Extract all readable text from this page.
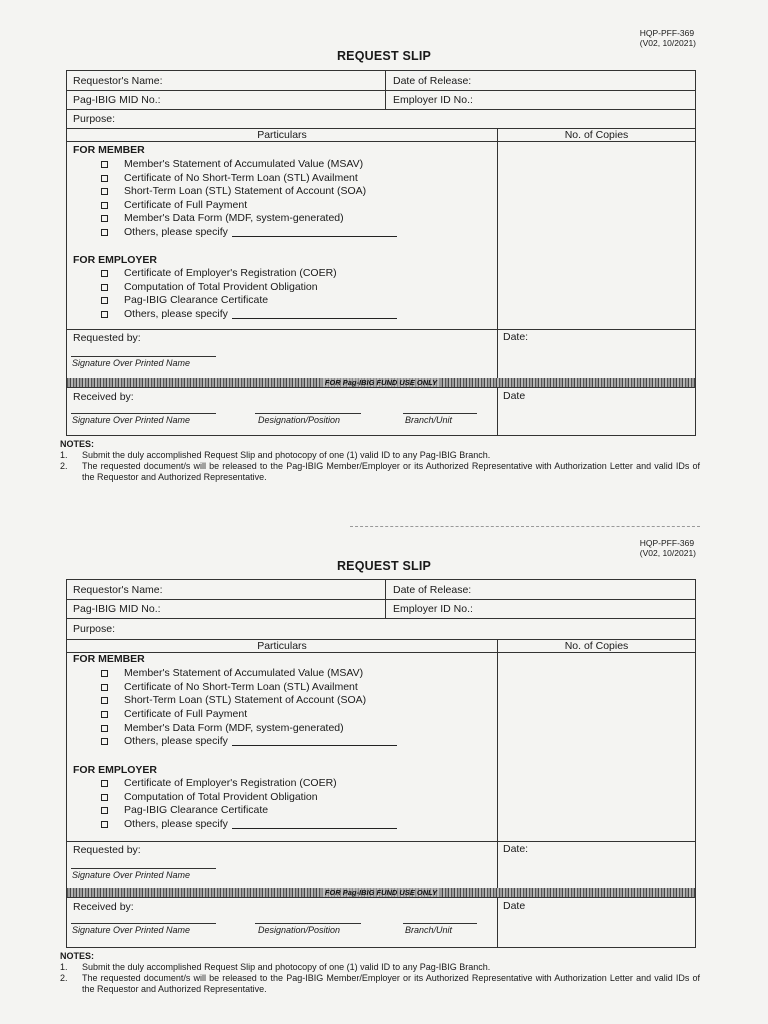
HQP-PFF-369
(V02, 10/2021)
REQUEST SLIP
Requestor's Name:	Date of Release:
Pag-IBIG MID No.:	Employer ID No.:
Purpose:
Particulars	No. of Copies
FOR MEMBER
Member's Statement of Accumulated Value (MSAV)
Certificate of No Short-Term Loan (STL) Availment
Short-Term Loan (STL) Statement of Account (SOA)
Certificate of Full Payment
Member's Data Form (MDF, system-generated)
Others, please specify
FOR EMPLOYER
Certificate of Employer's Registration (COER)
Computation of Total Provident Obligation
Pag-IBIG Clearance Certificate
Others, please specify
Requested by:
Signature Over Printed Name
Date:
FOR Pag-IBIG FUND USE ONLY
Received by:
Signature Over Printed Name	Designation/Position	Branch/Unit
Date
NOTES:
1.	Submit the duly accomplished Request Slip and photocopy of one (1) valid ID to any Pag-IBIG Branch.
2.	The requested document/s will be released to the Pag-IBIG Member/Employer or its Authorized Representative with Authorization Letter and valid IDs of the Requestor and Authorized Representative.
HQP-PFF-369
(V02, 10/2021)
REQUEST SLIP
Requestor's Name:	Date of Release:
Pag-IBIG MID No.:	Employer ID No.:
Purpose:
Particulars	No. of Copies
FOR MEMBER
Member's Statement of Accumulated Value (MSAV)
Certificate of No Short-Term Loan (STL) Availment
Short-Term Loan (STL) Statement of Account (SOA)
Certificate of Full Payment
Member's Data Form (MDF, system-generated)
Others, please specify
FOR EMPLOYER
Certificate of Employer's Registration (COER)
Computation of Total Provident Obligation
Pag-IBIG Clearance Certificate
Others, please specify
Requested by:
Signature Over Printed Name
Date:
FOR Pag-IBIG FUND USE ONLY
Received by:
Signature Over Printed Name	Designation/Position	Branch/Unit
Date
NOTES:
1.	Submit the duly accomplished Request Slip and photocopy of one (1) valid ID to any Pag-IBIG Branch.
2.	The requested document/s will be released to the Pag-IBIG Member/Employer or its Authorized Representative with Authorization Letter and valid IDs of the Requestor and Authorized Representative.
